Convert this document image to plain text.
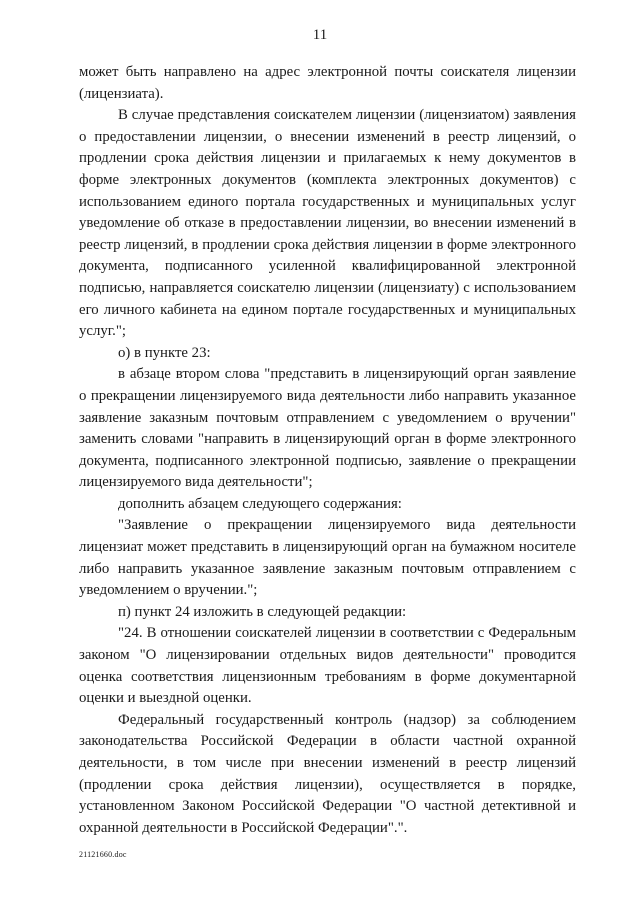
11

может быть направлено на адрес электронной почты соискателя лицензии (лицензиата).

В случае представления соискателем лицензии (лицензиатом) заявления о предоставлении лицензии, о внесении изменений в реестр лицензий, о продлении срока действия лицензии и прилагаемых к нему документов в форме электронных документов (комплекта электронных документов) с использованием единого портала государственных и муниципальных услуг уведомление об отказе в предоставлении лицензии, во внесении изменений в реестр лицензий, в продлении срока действия лицензии в форме электронного документа, подписанного усиленной квалифицированной электронной подписью, направляется соискателю лицензии (лицензиату) с использованием его личного кабинета на едином портале государственных и муниципальных услуг.";

о) в пункте 23:

в абзаце втором слова "представить в лицензирующий орган заявление о прекращении лицензируемого вида деятельности либо направить указанное заявление заказным почтовым отправлением с уведомлением о вручении" заменить словами "направить в лицензирующий орган в форме электронного документа, подписанного электронной подписью, заявление о прекращении лицензируемого вида деятельности";

дополнить абзацем следующего содержания:

"Заявление о прекращении лицензируемого вида деятельности лицензиат может представить в лицензирующий орган на бумажном носителе либо направить указанное заявление заказным почтовым отправлением с уведомлением о вручении.";

п) пункт 24 изложить в следующей редакции:

"24. В отношении соискателей лицензии в соответствии с Федеральным законом "О лицензировании отдельных видов деятельности" проводится оценка соответствия лицензионным требованиям в форме документарной оценки и выездной оценки.

Федеральный государственный контроль (надзор) за соблюдением законодательства Российской Федерации в области частной охранной деятельности, в том числе при внесении изменений в реестр лицензий (продлении срока действия лицензии), осуществляется в порядке, установленном Законом Российской Федерации "О частной детективной и охранной деятельности в Российской Федерации".".

21121660.doc
